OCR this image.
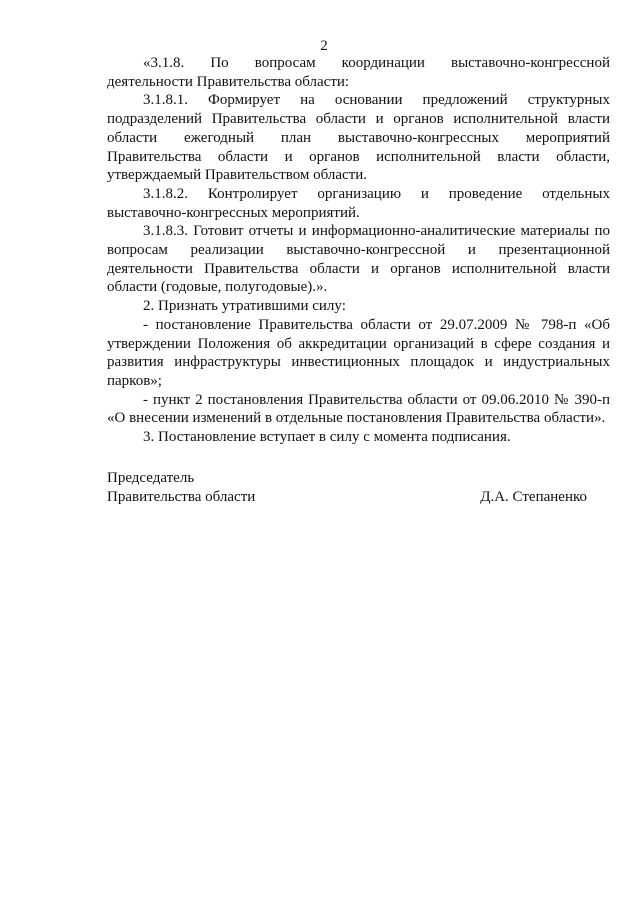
2

«3.1.8. По вопросам координации выставочно-конгрессной деятельности Правительства области:

3.1.8.1. Формирует на основании предложений структурных подразделений Правительства области и органов исполнительной власти области ежегодный план выставочно-конгрессных мероприятий Правительства области и органов исполнительной власти области, утверждаемый Правительством области.

3.1.8.2. Контролирует организацию и проведение отдельных выставочно-конгрессных мероприятий.

3.1.8.3. Готовит отчеты и информационно-аналитические материалы по вопросам реализации выставочно-конгрессной и презентационной деятельности Правительства области и органов исполнительной власти области (годовые, полугодовые).».

2. Признать утратившими силу:

- постановление Правительства области от 29.07.2009 № 798-п «Об утверждении Положения об аккредитации организаций в сфере создания и развития инфраструктуры инвестиционных площадок и индустриальных парков»;

- пункт 2 постановления Правительства области от 09.06.2010 № 390-п «О внесении изменений в отдельные постановления Правительства области».

3. Постановление вступает в силу с момента подписания.

Председатель
Правительства области	Д.А. Степаненко
